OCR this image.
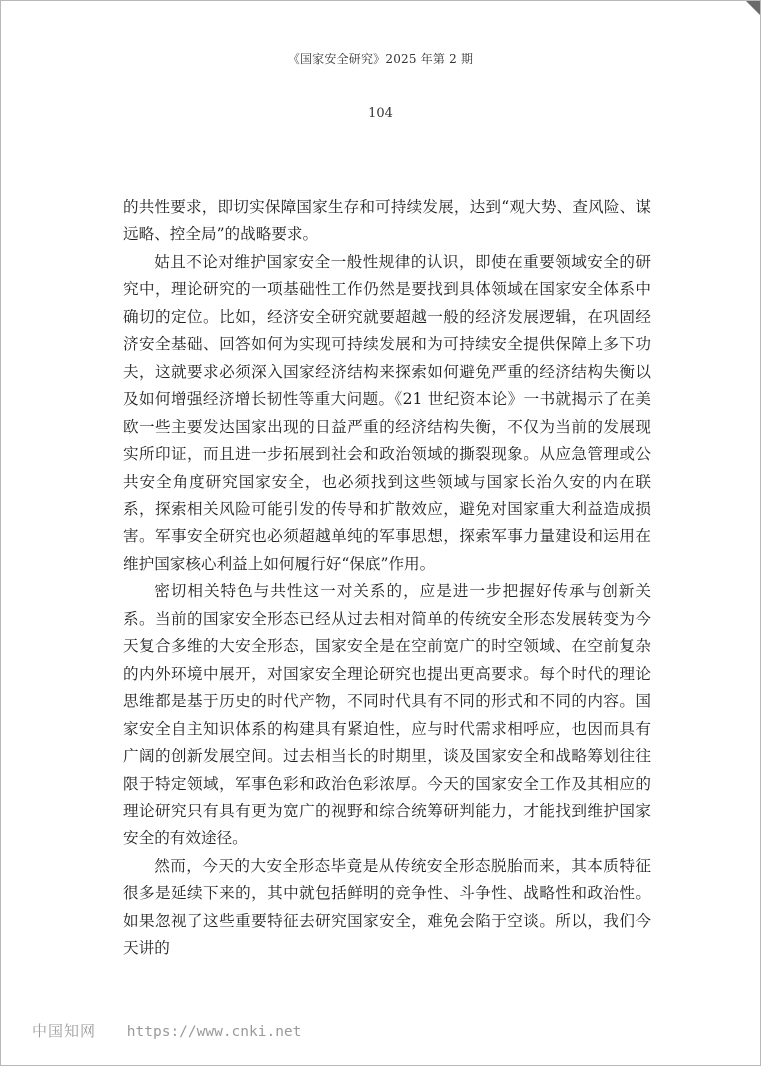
《国家安全研究》2025 年第 2 期
104

的共性要求，即切实保障国家生存和可持续发展，达到“观大势、查风险、谋远略、控全局”的战略要求。

姑且不论对维护国家安全一般性规律的认识，即使在重要领域安全的研究中，理论研究的一项基础性工作仍然是要找到具体领域在国家安全体系中确切的定位。比如，经济安全研究就要超越一般的经济发展逻辑，在巩固经济安全基础、回答如何为实现可持续发展和为可持续安全提供保障上多下功夫，这就要求必须深入国家经济结构来探索如何避免严重的经济结构失衡以及如何增强经济增长韧性等重大问题。《21 世纪资本论》一书就揭示了在美欧一些主要发达国家出现的日益严重的经济结构失衡，不仅为当前的发展现实所印证，而且进一步拓展到社会和政治领域的撕裂现象。从应急管理或公共安全角度研究国家安全，也必须找到这些领域与国家长治久安的内在联系，探索相关风险可能引发的传导和扩散效应，避免对国家重大利益造成损害。军事安全研究也必须超越单纯的军事思想，探索军事力量建设和运用在维护国家核心利益上如何履行好“保底”作用。

密切相关特色与共性这一对关系的，应是进一步把握好传承与创新关系。当前的国家安全形态已经从过去相对简单的传统安全形态发展转变为今天复合多维的大安全形态，国家安全是在空前宽广的时空领域、在空前复杂的内外环境中展开，对国家安全理论研究也提出更高要求。每个时代的理论思维都是基于历史的时代产物，不同时代具有不同的形式和不同的内容。国家安全自主知识体系的构建具有紧迫性，应与时代需求相呼应，也因而具有广阔的创新发展空间。过去相当长的时期里，谈及国家安全和战略筹划往往限于特定领域，军事色彩和政治色彩浓厚。今天的国家安全工作及其相应的理论研究只有具有更为宽广的视野和综合统筹研判能力，才能找到维护国家安全的有效途径。

然而，今天的大安全形态毕竟是从传统安全形态脱胎而来，其本质特征很多是延续下来的，其中就包括鲜明的竞争性、斗争性、战略性和政治性。如果忽视了这些重要特征去研究国家安全，难免会陷于空谈。所以，我们今天讲的

中国知网 https://www.cnki.net
